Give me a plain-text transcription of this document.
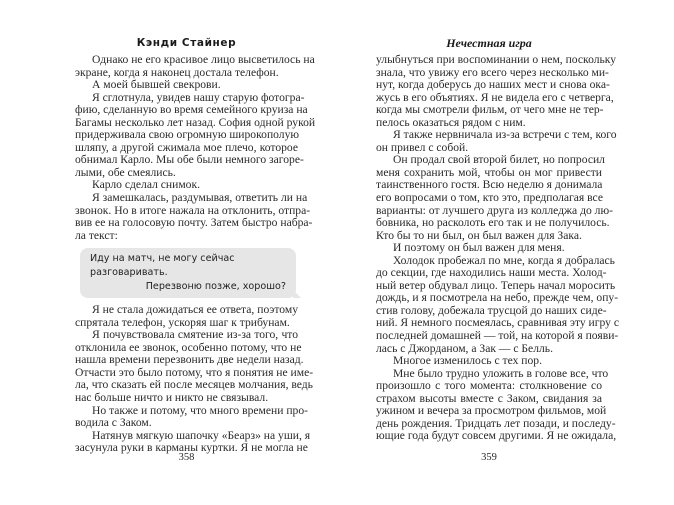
Кэнди Стайнер
Однако не его красивое лицо высветилось на
экране, когда я наконец достала телефон.
А моей бывшей свекрови.
Я сглотнула, увидев нашу старую фотогра-
фию, сделанную во время семейного круиза на
Багамы несколько лет назад. София одной рукой
придерживала свою огромную широкополую
шляпу, а другой сжимала мое плечо, которое
обнимал Карло. Мы обе были немного загоре-
лыми, обе смеялись.
Карло сделал снимок.
Я замешкалась, раздумывая, ответить ли на
звонок. Но в итоге нажала на отклонить, отпра-
вив ее на голосовую почту. Затем быстро набра-
ла текст:
Иду на матч, не могу сейчас разговаривать.
Перезвоню позже, хорошо?
Я не стала дожидаться ее ответа, поэтому
спрятала телефон, ускоряя шаг к трибунам.
Я почувствовала смятение из-за того, что
отклонила ее звонок, особенно потому, что не
нашла времени перезвонить две недели назад.
Отчасти это было потому, что я понятия не име-
ла, что сказать ей после месяцев молчания, ведь
нас больше ничто и никто не связывал.
Но также и потому, что много времени про-
водила с Заком.
Натянув мягкую шапочку «Беарз» на уши, я
засунула руки в карманы куртки. Я не могла не
358
Нечестная игра
улыбнуться при воспоминании о нем, поскольку
знала, что увижу его всего через несколько ми-
нут, когда доберусь до наших мест и снова ока-
жусь в его объятиях. Я не видела его с четверга,
когда мы смотрели фильм, от чего мне не тер-
пелось оказаться рядом с ним.
Я также нервничала из-за встречи с тем, кого
он привел с собой.
Он продал свой второй билет, но попросил
меня сохранить мой, чтобы он мог привести
таинственного гостя. Всю неделю я донимала
его вопросами о том, кто это, предполагая все
варианты: от лучшего друга из колледжа до лю-
бовника, но расколоть его так и не получилось.
Кто бы то ни был, он был важен для Зака.
И поэтому он был важен для меня.
Холодок пробежал по мне, когда я добралась
до секции, где находились наши места. Холод-
ный ветер обдувал лицо. Теперь начал моросить
дождь, и я посмотрела на небо, прежде чем, опу-
стив голову, добежала трусцой до наших сиде-
ний. Я немного посмеялась, сравнивая эту игру с
последней домашней — той, на которой я появи-
лась с Джорданом, а Зак — с Белль.
Многое изменилось с тех пор.
Мне было трудно уложить в голове все, что
произошло с того момента: столкновение со
страхом высоты вместе с Заком, свидания за
ужином и вечера за просмотром фильмов, мой
день рождения. Тридцать лет позади, и последу-
ющие года будут совсем другими. Я не ожидала,
359
